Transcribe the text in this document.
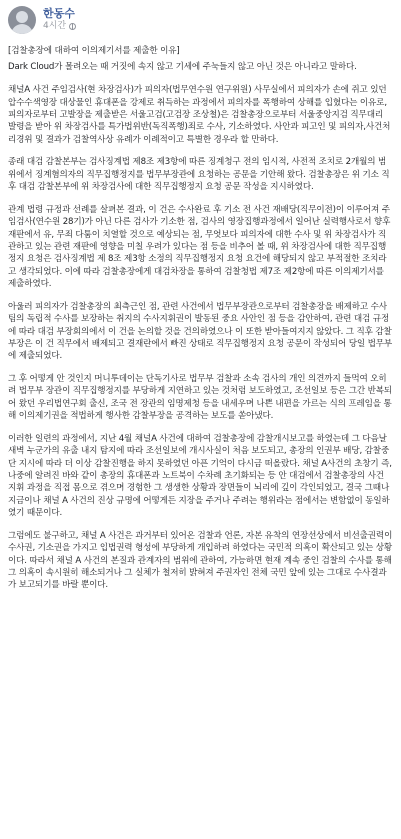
한동수
4시간

[검찰총장에 대하여 이의제기서를 제출한 이유]

Dark Cloud가 몰려오는 때 거짓에 속지 않고 기세에 주눅들지 않고 아닌 것은 아니라고 말하다.

채널A 사건 주임검사(현 차장검사)가 피의자(법무연수원 연구위원) 사무실에서 피의자가 손에 쥐고 있던 압수수색영장 대상물인 휴대폰을 강제로 취득하는 과정에서 피의자를 폭행하여 상해를 입혔다는 이유로, 피의자로부터 고발장을 제출받은 서울고검(고검장 조상철)은 검찰총장으로부터 서울중앙지검 직무대리 발령을 받아 위 차장검사를 특가법위반(독직폭행)죄로 수사, 기소하였다. 사안과 피고인 및 피의자,사건처리경위 및 결과가 검찰역사상 유례가 이례적이고 특별한 경우라 할 만하다.

종래 대검 감찰본부는 검사징계법 제8조 제3항에 따른 징계청구 전의 임시적, 사전적 조치로 2개월의 범위에서 징계혐의자의 직무집행정지를 법무부장관에 요청하는 공문을 기안해 왔다. 검찰총장은 위 기소 직후 대검 감찰본부에 위 차장검사에 대한 직무집행정지 요청 공문 작성을 지시하였다.

관계 법령 규정과 선례를 살펴본 결과, 이 건은 수사완료 후 기소 전 사건 재배당(직무이전)이 이루어져 주임검사(연수원 28기)가 아닌 다른 검사가 기소한 점, 검사의 영장집행과정에서 일어난 실력행사로서 향후 재판에서 유, 무죄 다툼이 치열할 것으로 예상되는 점, 무엇보다 피의자에 대한 수사 및 위 차장검사가 직관하고 있는 관련 재판에 영향을 미칠 우려가 있다는 점 등을 비추어 볼 때, 위 차장검사에 대한 직무집행정지 요청은 검사징계법 제 8조 제3항 소정의 직무집행정지 요청 요건에 해당되지 않고 부적절한 조치라고 생각되었다. 이에 따라 검찰총장에게 대검차장을 통하여 검찰청법 제7조 제2항에 따른 이의제기서를 제출하였다.

아울러 피의자가 검찰총장의 최측근인 점, 관련 사건에서 법무부장관으로부터 검찰총장을 배제하고 수사팀의 독립적 수사를 보장하는 취지의 수사지휘권이 발동된 중요 사안인 점 등을 감안하여, 관련 대검 규정에 따라 대검 부장회의에서 이 건을 논의할 것을 건의하였으나 이 또한 받아들여지지 않았다. 그 직후 감찰부장은 이 건 직무에서 배제되고 결재란에서 빠진 상태로 직무집행정지 요청 공문이 작성되어 당일 법무부에 제출되었다.

그 후 어떻게 안 것인지 머니투데이는 단독기사로 법무부 검찰과 소속 검사의 개인 의견까지 들먹여 오히려 법무부 장관이 직무집행정지를 부당하게 지연하고 있는 것처럼 보도하였고, 조선일보 등은 그간 반복되어 왔던 우리법연구회 출신, 조국 전 장관의 임명제청 등을 내세우며 나쁜 내편을 가르는 식의 프레임을 통해 이의제기권을 적법하게 행사한 감찰부장을 공격하는 보도를 쏟아냈다.

이러한 일련의 과정에서, 지난 4월 채널A 사건에 대하여 검찰총장에 감찰개시보고를 하였는데 그 다음날 새벽 누군가의 유출 내지 탐지에 따라 조선일보에 개시사실이 처음 보도되고, 총장의 인권부 배당, 감찰중단 지시에 따라 더 이상 감찰진행을 하지 못하였던 아픈 기억이 다시금 떠올랐다. 채널 A사건의 초창기 즉, 나중에 알려진 바와 같이 총장의 휴대폰과 노트북이 수차례 초기화되는 등 안 대검에서 검찰총장의 사건 지휘 과정을 직접 몸으로 겪으며 경험한 그 생생한 상황과 장면들이 뇌리에 깊이 각인되었고, 결국 그때나 지금이나 채널 A 사건의 진상 규명에 어떻게든 지장을 주거나 주려는 행위라는 점에서는 변함없이 동일하였기 때문이다.

그럼에도 불구하고, 채널 A 사건은 과거부터 있어온 검찰과 언론, 자본 유착의 연장선상에서 비선출권력이 수사권, 기소권을 가지고 입법권력 형성에 부당하게 개입하려 하였다는 국민적 의혹이 확산되고 있는 상황이다. 따라서 채널 A 사건의 본질과 관계자의 범위에 관하여, 가능하면 현재 계속 중인 검찰의 수사를 통해 그 의혹이 속시원히 해소되거나 그 실체가 철저히 밝혀져 주권자인 전체 국민 앞에 있는 그대로 수사결과가 보고되기를 바랄 뿐이다.
